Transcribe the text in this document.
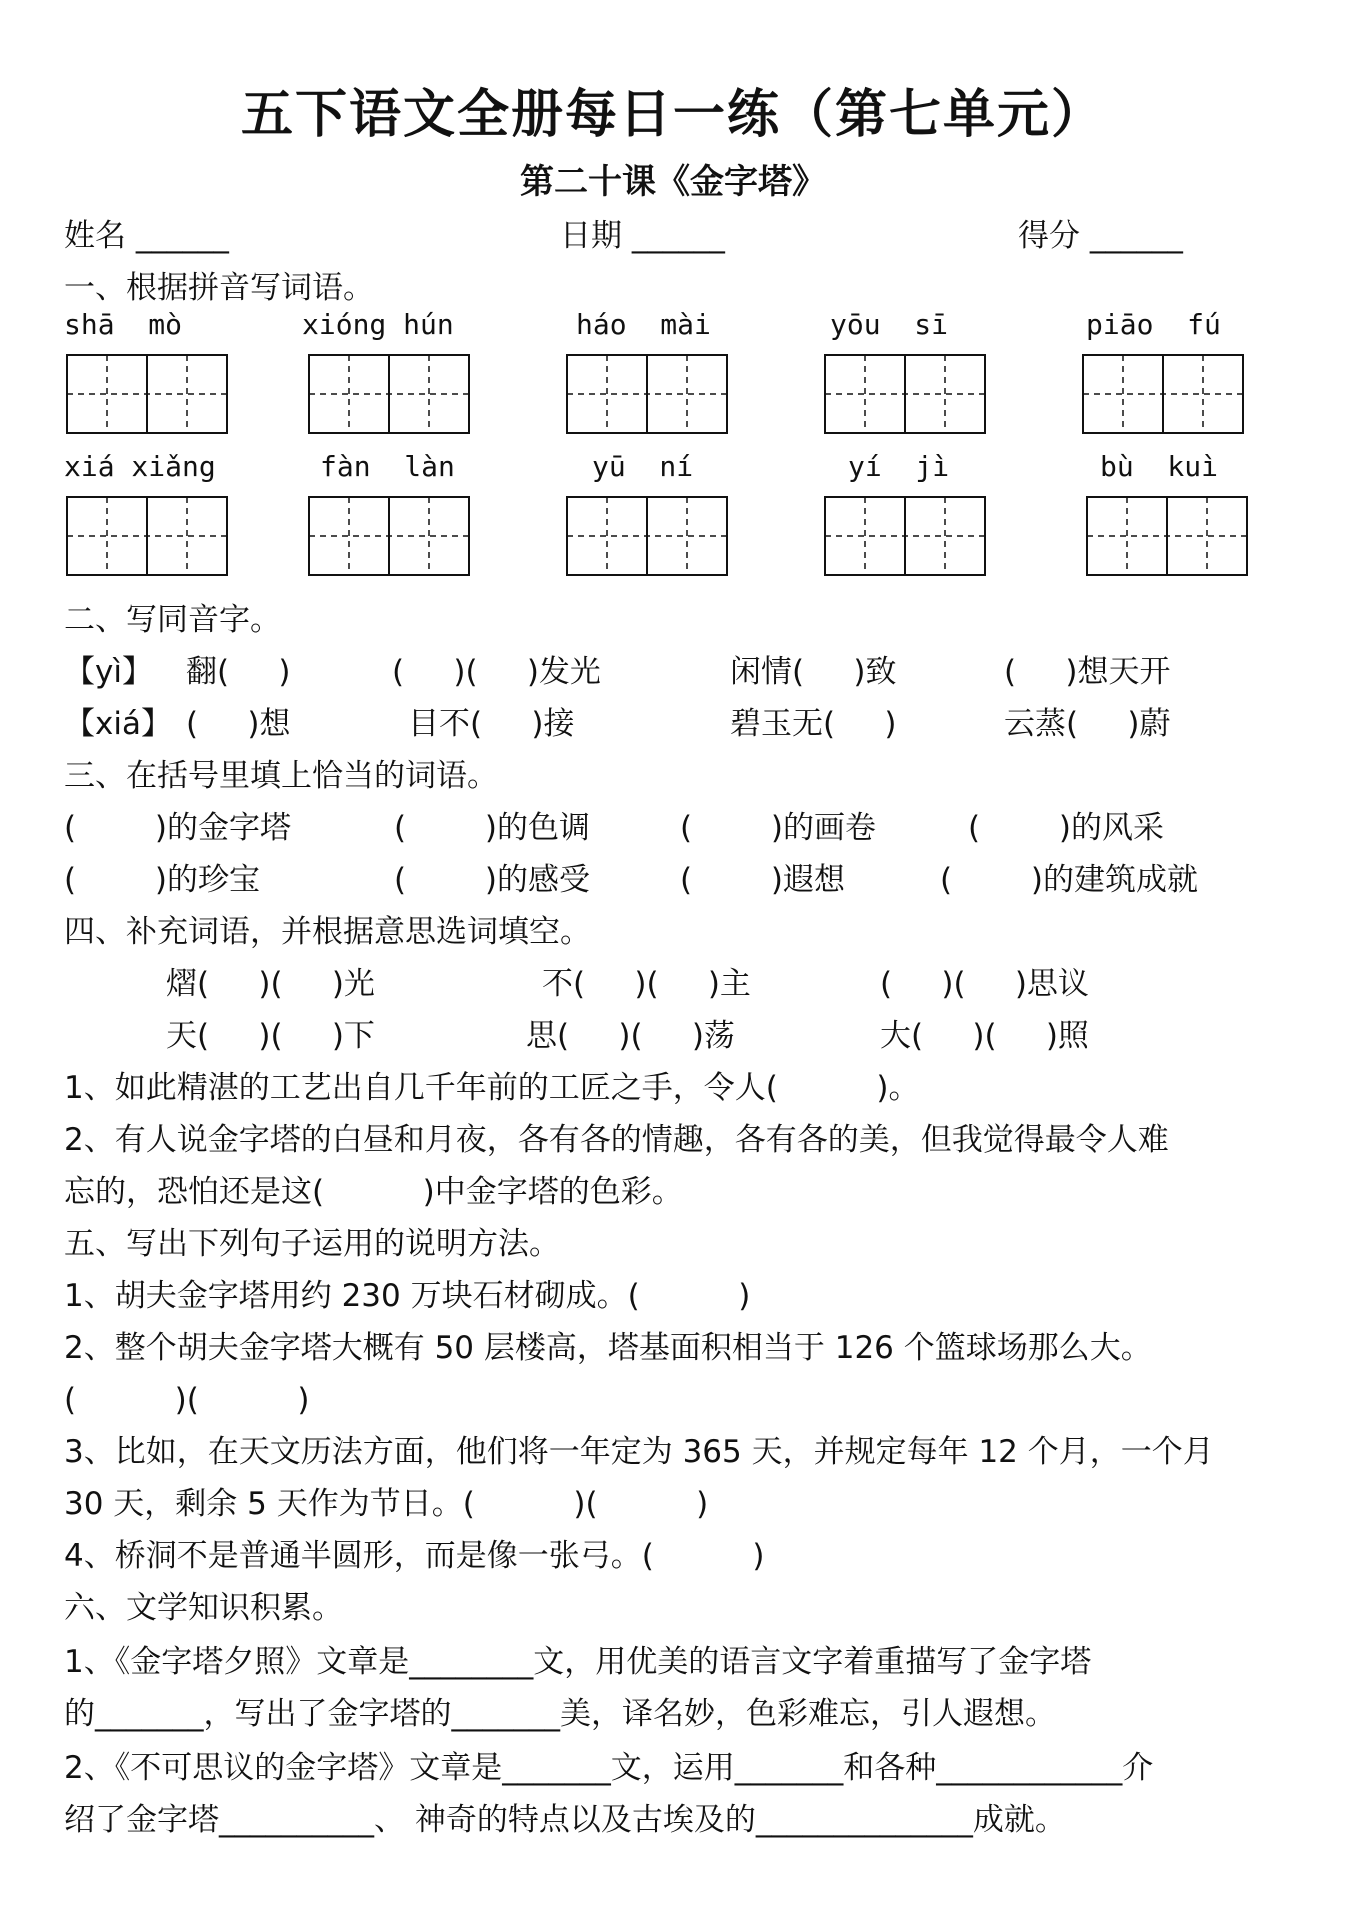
五下语文全册每日一练（第七单元）
第二十课《金字塔》
姓名 ______	日期 ______	得分 ______
一、根据拼音写词语。
shā  mò	xióng hún	háo  mài	yōu  sī	piāo  fú
xiá xiǎng	fàn  làn	yū  ní	yí  jì	bù  kuì
二、写同音字。
【yì】 翻(     )	(     )(     )发光	闲情(     )致	(     )想天开
【xiá】 (     )想	目不(     )接	碧玉无(     )	云蒸(     )蔚
三、在括号里填上恰当的词语。
(        )的金字塔	(        )的色调	(        )的画卷	(        )的风采
(        )的珍宝	(        )的感受	(        )遐想	(        )的建筑成就
四、补充词语，并根据意思选词填空。
熠(     )(     )光	不(     )(     )主	(     )(     )思议
天(     )(     )下	思(     )(     )荡	大(     )(     )照
1、如此精湛的工艺出自几千年前的工匠之手，令人(          )。
2、有人说金字塔的白昼和月夜，各有各的情趣，各有各的美，但我觉得最令人难
忘的，恐怕还是这(          )中金字塔的色彩。
五、写出下列句子运用的说明方法。
1、胡夫金字塔用约 230 万块石材砌成。(          )
2、整个胡夫金字塔大概有 50 层楼高，塔基面积相当于 126 个篮球场那么大。
(          )(          )
3、比如，在天文历法方面，他们将一年定为 365 天，并规定每年 12 个月，一个月
30 天，剩余 5 天作为节日。(          )(          )
4、桥洞不是普通半圆形，而是像一张弓。(          )
六、文学知识积累。
1、《金字塔夕照》文章是________文，用优美的语言文字着重描写了金字塔
的_______，写出了金字塔的_______美，译名妙，色彩难忘，引人遐想。
2、《不可思议的金字塔》文章是_______文，运用_______和各种____________介
绍了金字塔__________、 神奇的特点以及古埃及的______________成就。
